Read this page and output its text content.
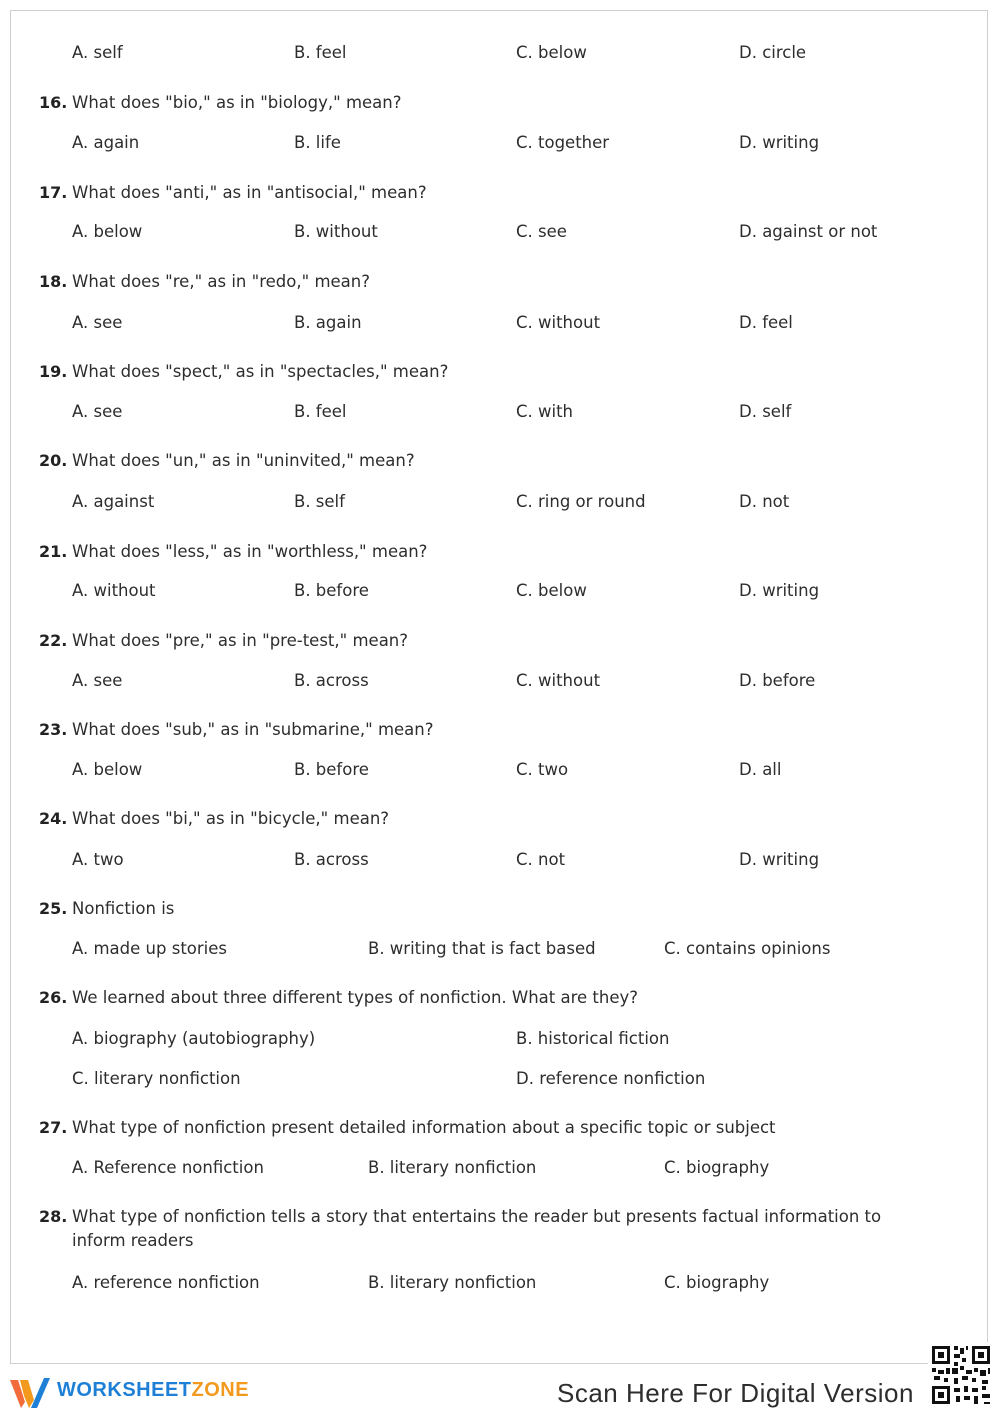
A. self	B. feel	C. below	D. circle
16. What does "bio," as in "biology," mean?
A. again	B. life	C. together	D. writing
17. What does "anti," as in "antisocial," mean?
A. below	B. without	C. see	D. against or not
18. What does "re," as in "redo," mean?
A. see	B. again	C. without	D. feel
19. What does "spect," as in "spectacles," mean?
A. see	B. feel	C. with	D. self
20. What does "un," as in "uninvited," mean?
A. against	B. self	C. ring or round	D. not
21. What does "less," as in "worthless," mean?
A. without	B. before	C. below	D. writing
22. What does "pre," as in "pre-test," mean?
A. see	B. across	C. without	D. before
23. What does "sub," as in "submarine," mean?
A. below	B. before	C. two	D. all
24. What does "bi," as in "bicycle," mean?
A. two	B. across	C. not	D. writing
25. Nonfiction is
A. made up stories	B. writing that is fact based	C. contains opinions
26. We learned about three different types of nonfiction. What are they?
A. biography (autobiography)	B. historical fiction
C. literary nonfiction	D. reference nonfiction
27. What type of nonfiction present detailed information about a specific topic or subject
A. Reference nonfiction	B. literary nonfiction	C. biography
28. What type of nonfiction tells a story that entertains the reader but presents factual information to inform readers
A. reference nonfiction	B. literary nonfiction	C. biography
WORKSHEETZONE	Scan Here For Digital Version
